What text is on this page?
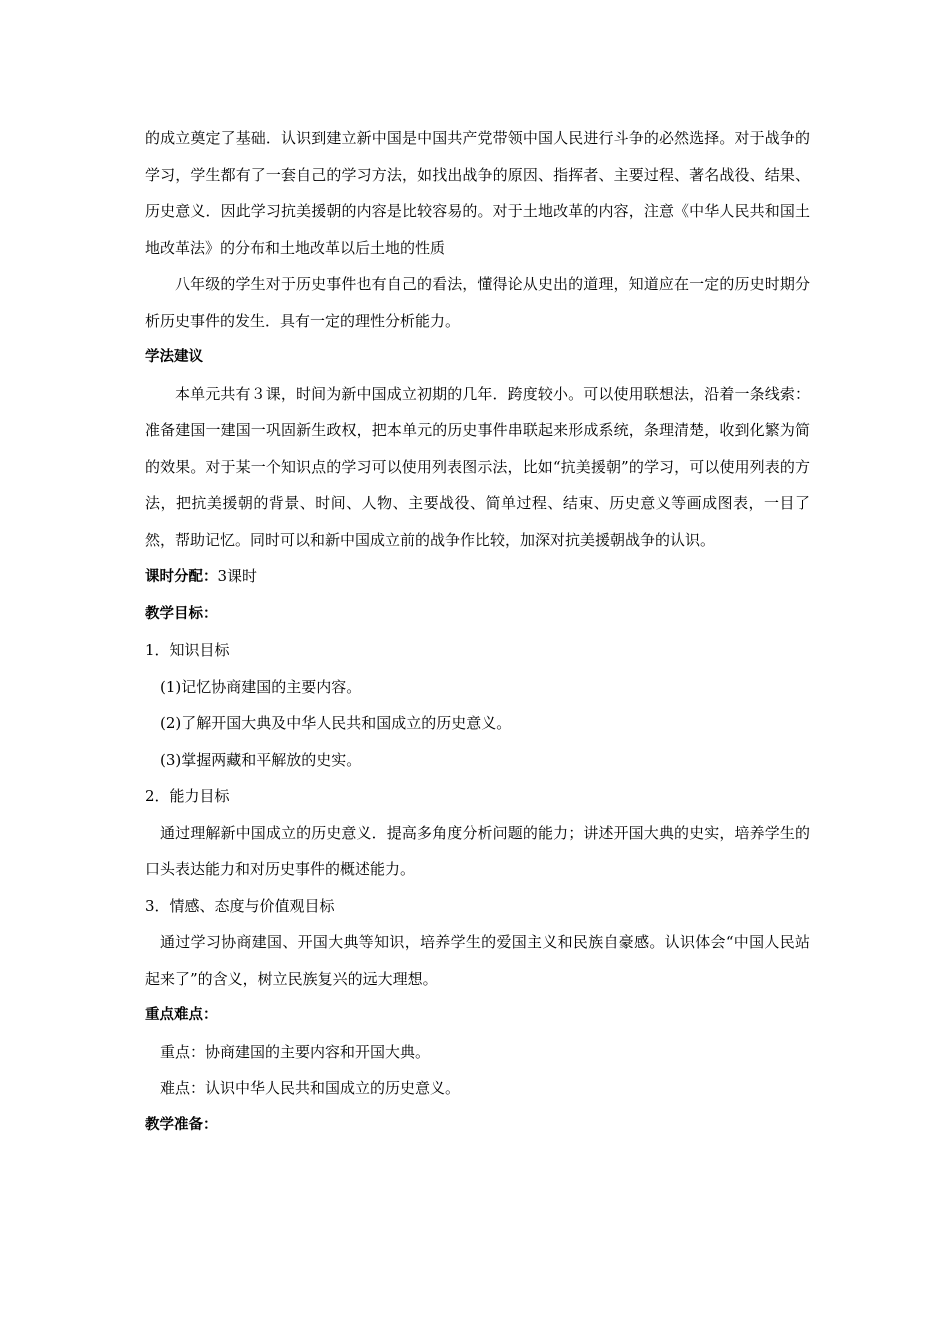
的成立奠定了基础．认识到建立新中国是中国共产党带领中国人民进行斗争的必然选择。对于战争的学习，学生都有了一套自己的学习方法，如找出战争的原因、指挥者、主要过程、著名战役、结果、历史意义．因此学习抗美援朝的内容是比较容易的。对于土地改革的内容，注意《中华人民共和国土地改革法》的分布和土地改革以后土地的性质

八年级的学生对于历史事件也有自己的看法，懂得论从史出的道理，知道应在一定的历史时期分析历史事件的发生．具有一定的理性分析能力。

学法建议

本单元共有３课，时间为新中国成立初期的几年．跨度较小。可以使用联想法，沿着一条线索：准备建国一建国一巩固新生政权，把本单元的历史事件串联起来形成系统，条理清楚，收到化繁为简的效果。对于某一个知识点的学习可以使用列表图示法，比如“抗美援朝”的学习，可以使用列表的方法，把抗美援朝的背景、时间、人物、主要战役、简单过程、结束、历史意义等画成图表，一目了然，帮助记忆。同时可以和新中国成立前的战争作比较，加深对抗美援朝战争的认识。

课时分配：3课时

教学目标：

1．知识目标

(1)记忆协商建国的主要内容。

(2)了解开国大典及中华人民共和国成立的历史意义。

(3)掌握两藏和平解放的史实。

2．能力目标

通过理解新中国成立的历史意义．提高多角度分析问题的能力；讲述开国大典的史实，培养学生的口头表达能力和对历史事件的概述能力。

3．情感、态度与价值观目标

通过学习协商建国、开国大典等知识，培养学生的爱国主义和民族自豪感。认识体会“中国人民站起来了”的含义，树立民族复兴的远大理想。

重点难点：

重点：协商建国的主要内容和开国大典。

难点：认识中华人民共和国成立的历史意义。

教学准备：
